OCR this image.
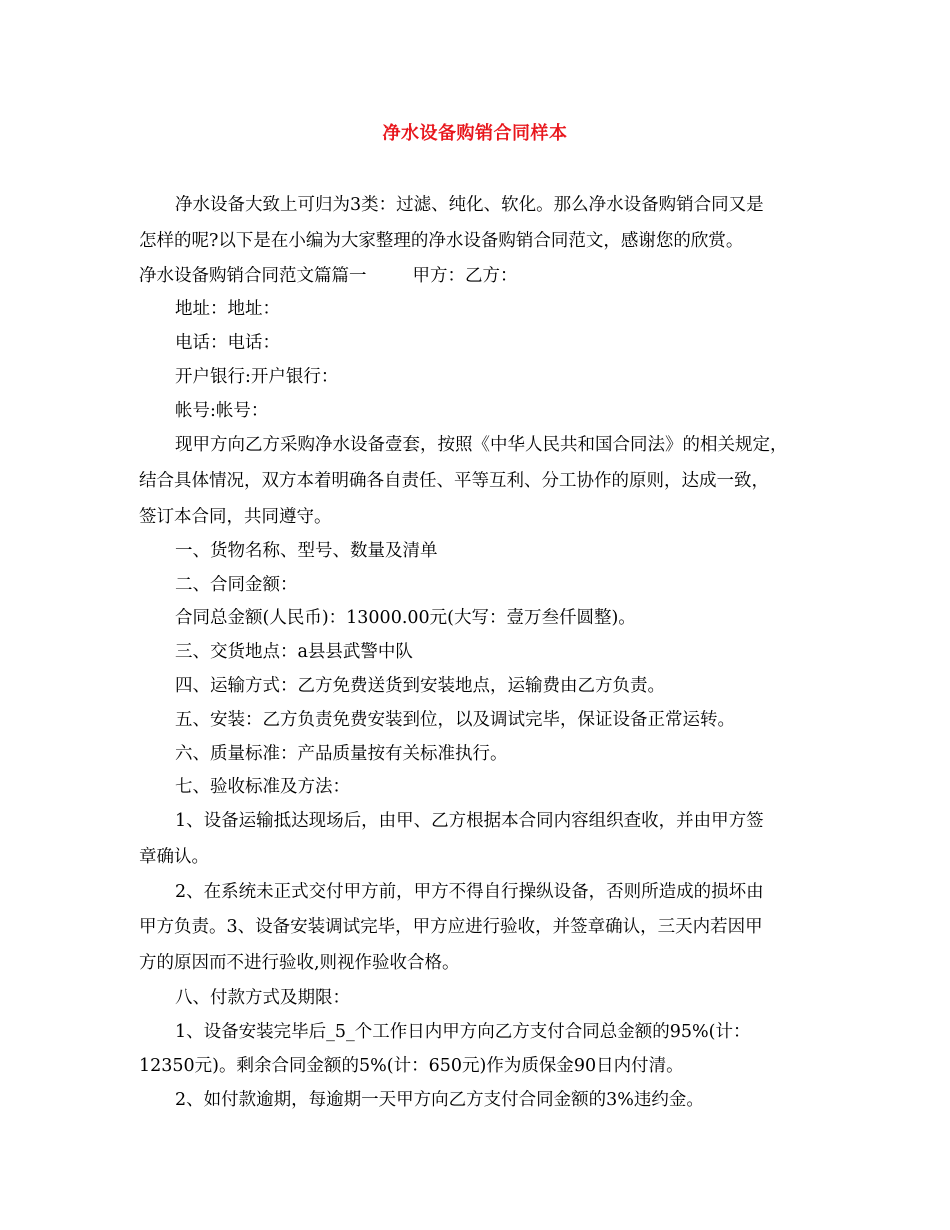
净水设备购销合同样本
净水设备大致上可归为3类：过滤、纯化、软化。那么净水设备购销合同又是
怎样的呢?以下是在小编为大家整理的净水设备购销合同范文，感谢您的欣赏。
净水设备购销合同范文篇篇一	甲方：乙方：
地址：地址：
电话：电话：
开户银行:开户银行：
帐号:帐号：
现甲方向乙方采购净水设备壹套，按照《中华人民共和国合同法》的相关规定，
结合具体情况，双方本着明确各自责任、平等互利、分工协作的原则，达成一致，
签订本合同，共同遵守。
一、货物名称、型号、数量及清单
二、合同金额：
合同总金额(人民币)：13000.00元(大写：壹万叁仟圆整)。
三、交货地点：a县县武警中队
四、运输方式：乙方免费送货到安装地点，运输费由乙方负责。
五、安装：乙方负责免费安装到位，以及调试完毕，保证设备正常运转。
六、质量标准：产品质量按有关标准执行。
七、验收标准及方法：
1、设备运输抵达现场后，由甲、乙方根据本合同内容组织查收，并由甲方签
章确认。
2、在系统未正式交付甲方前，甲方不得自行操纵设备，否则所造成的损坏由
甲方负责。3、设备安装调试完毕，甲方应进行验收，并签章确认，三天内若因甲
方的原因而不进行验收,则视作验收合格。
八、付款方式及期限：
1、设备安装完毕后_5_个工作日内甲方向乙方支付合同总金额的95%(计：
12350元)。剩余合同金额的5%(计：650元)作为质保金90日内付清。
2、如付款逾期，每逾期一天甲方向乙方支付合同金额的3%违约金。
